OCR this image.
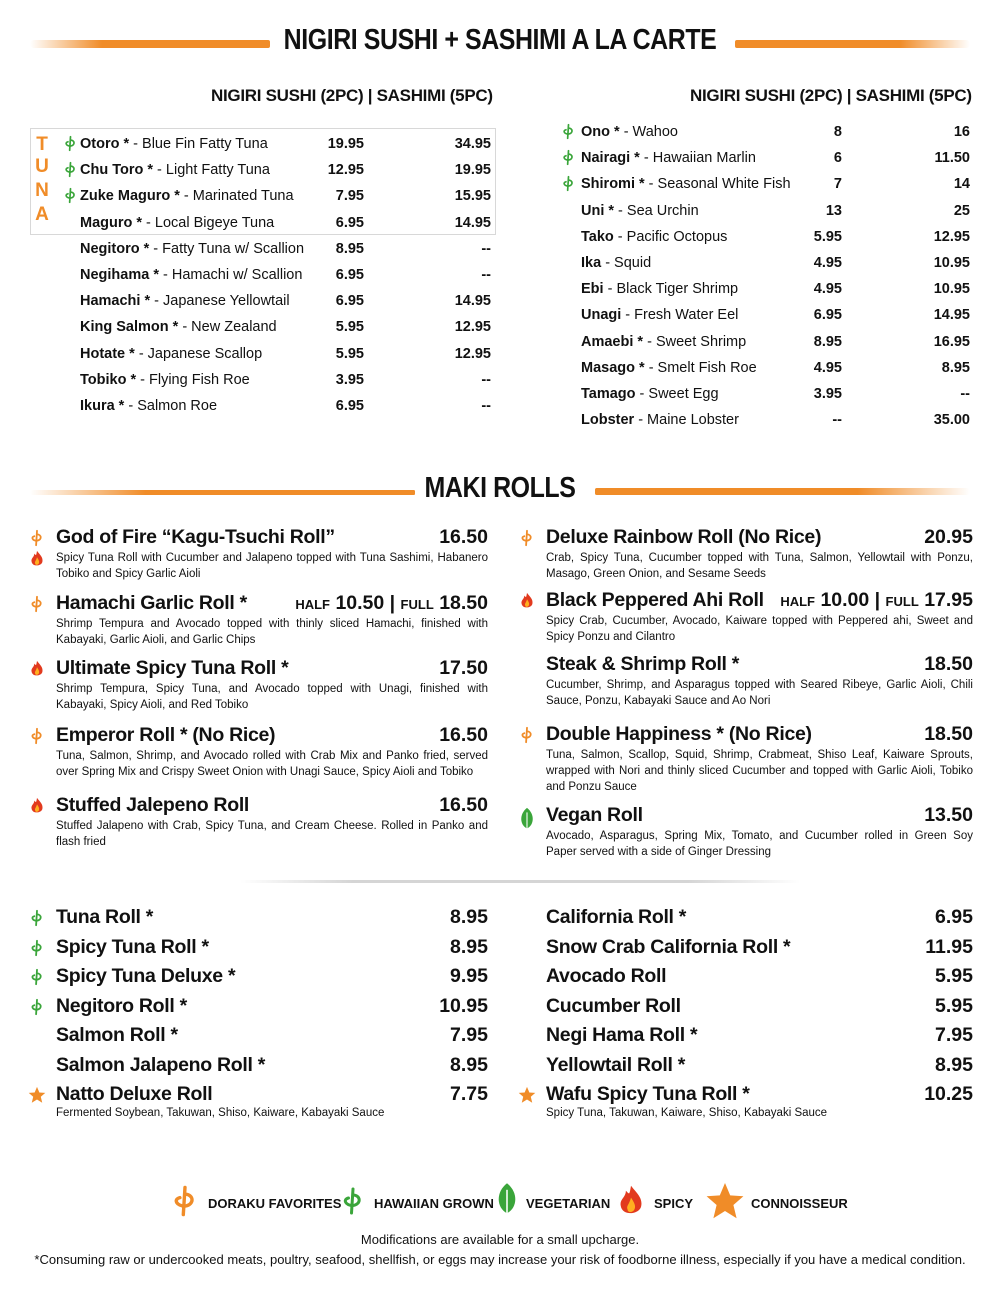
NIGIRI SUSHI + SASHIMI A LA CARTE
NIGIRI SUSHI (2PC) | SASHIMI (5PC)	NIGIRI SUSHI (2PC) | SASHIMI (5PC)
T
U
N
A
Otoro * - Blue Fin Fatty Tuna	19.95	34.95
Chu Toro * - Light Fatty Tuna	12.95	19.95
Zuke Maguro * - Marinated Tuna	7.95	15.95
Maguro * - Local Bigeye Tuna	6.95	14.95
Negitoro * - Fatty Tuna w/ Scallion	8.95	--
Negihama * - Hamachi w/ Scallion	6.95	--
Hamachi * - Japanese Yellowtail	6.95	14.95
King Salmon * - New Zealand	5.95	12.95
Hotate * - Japanese Scallop	5.95	12.95
Tobiko * - Flying Fish Roe	3.95	--
Ikura * - Salmon Roe	6.95	--
Ono * - Wahoo	8	16
Nairagi * - Hawaiian Marlin	6	11.50
Shiromi * - Seasonal White Fish	7	14
Uni * - Sea Urchin	13	25
Tako - Pacific Octopus	5.95	12.95
Ika - Squid	4.95	10.95
Ebi - Black Tiger Shrimp	4.95	10.95
Unagi - Fresh Water Eel	6.95	14.95
Amaebi * - Sweet Shrimp	8.95	16.95
Masago * - Smelt Fish Roe	4.95	8.95
Tamago - Sweet Egg	3.95	--
Lobster - Maine Lobster	--	35.00
MAKI ROLLS
God of Fire “Kagu-Tsuchi Roll”	16.50
Spicy Tuna Roll with Cucumber and Jalapeno topped with Tuna Sashimi, Habanero Tobiko and Spicy Garlic Aioli
Hamachi Garlic Roll *	HALF 10.50 | FULL 18.50
Shrimp Tempura and Avocado topped with thinly sliced Hamachi, finished with Kabayaki, Garlic Aioli, and Garlic Chips
Ultimate Spicy Tuna Roll *	17.50
Shrimp Tempura, Spicy Tuna, and Avocado topped with Unagi, finished with Kabayaki, Spicy Aioli, and Red Tobiko
Emperor Roll * (No Rice)	16.50
Tuna, Salmon, Shrimp, and Avocado rolled with Crab Mix and Panko fried, served over Spring Mix and Crispy Sweet Onion with Unagi Sauce, Spicy Aioli and Tobiko
Stuffed Jalepeno Roll	16.50
Stuffed Jalapeno with Crab, Spicy Tuna, and Cream Cheese. Rolled in Panko and flash fried
Deluxe Rainbow Roll (No Rice)	20.95
Crab, Spicy Tuna, Cucumber topped with Tuna, Salmon, Yellowtail with Ponzu, Masago, Green Onion, and Sesame Seeds
Black Peppered Ahi Roll HALF 10.00 | FULL 17.95
Spicy Crab, Cucumber, Avocado, Kaiware topped with Peppered ahi, Sweet and Spicy Ponzu and Cilantro
Steak & Shrimp Roll *	18.50
Cucumber, Shrimp, and Asparagus topped with Seared Ribeye, Garlic Aioli, Chili Sauce, Ponzu, Kabayaki Sauce and Ao Nori
Double Happiness * (No Rice)	18.50
Tuna, Salmon, Scallop, Squid, Shrimp, Crabmeat, Shiso Leaf, Kaiware Sprouts, wrapped with Nori and thinly sliced Cucumber and topped with Garlic Aioli, Tobiko and Ponzu Sauce
Vegan Roll	13.50
Avocado, Asparagus, Spring Mix, Tomato, and Cucumber rolled in Green Soy Paper served with a side of Ginger Dressing
Tuna Roll *	8.95
Spicy Tuna Roll *	8.95
Spicy Tuna Deluxe *	9.95
Negitoro Roll *	10.95
Salmon Roll *	7.95
Salmon Jalapeno Roll *	8.95
Natto Deluxe Roll	7.75
Fermented Soybean, Takuwan, Shiso, Kaiware, Kabayaki Sauce
California Roll *	6.95
Snow Crab California Roll *	11.95
Avocado Roll	5.95
Cucumber Roll	5.95
Negi Hama Roll *	7.95
Yellowtail Roll *	8.95
Wafu Spicy Tuna Roll *	10.25
Spicy Tuna, Takuwan, Kaiware, Shiso, Kabayaki Sauce
DORAKU FAVORITES	HAWAIIAN GROWN VEGETARIAN	SPICY	CONNOISSEUR
Modifications are available for a small upcharge.
*Consuming raw or undercooked meats, poultry, seafood, shellfish, or eggs may increase your risk of foodborne illness, especially if you have a medical condition.
